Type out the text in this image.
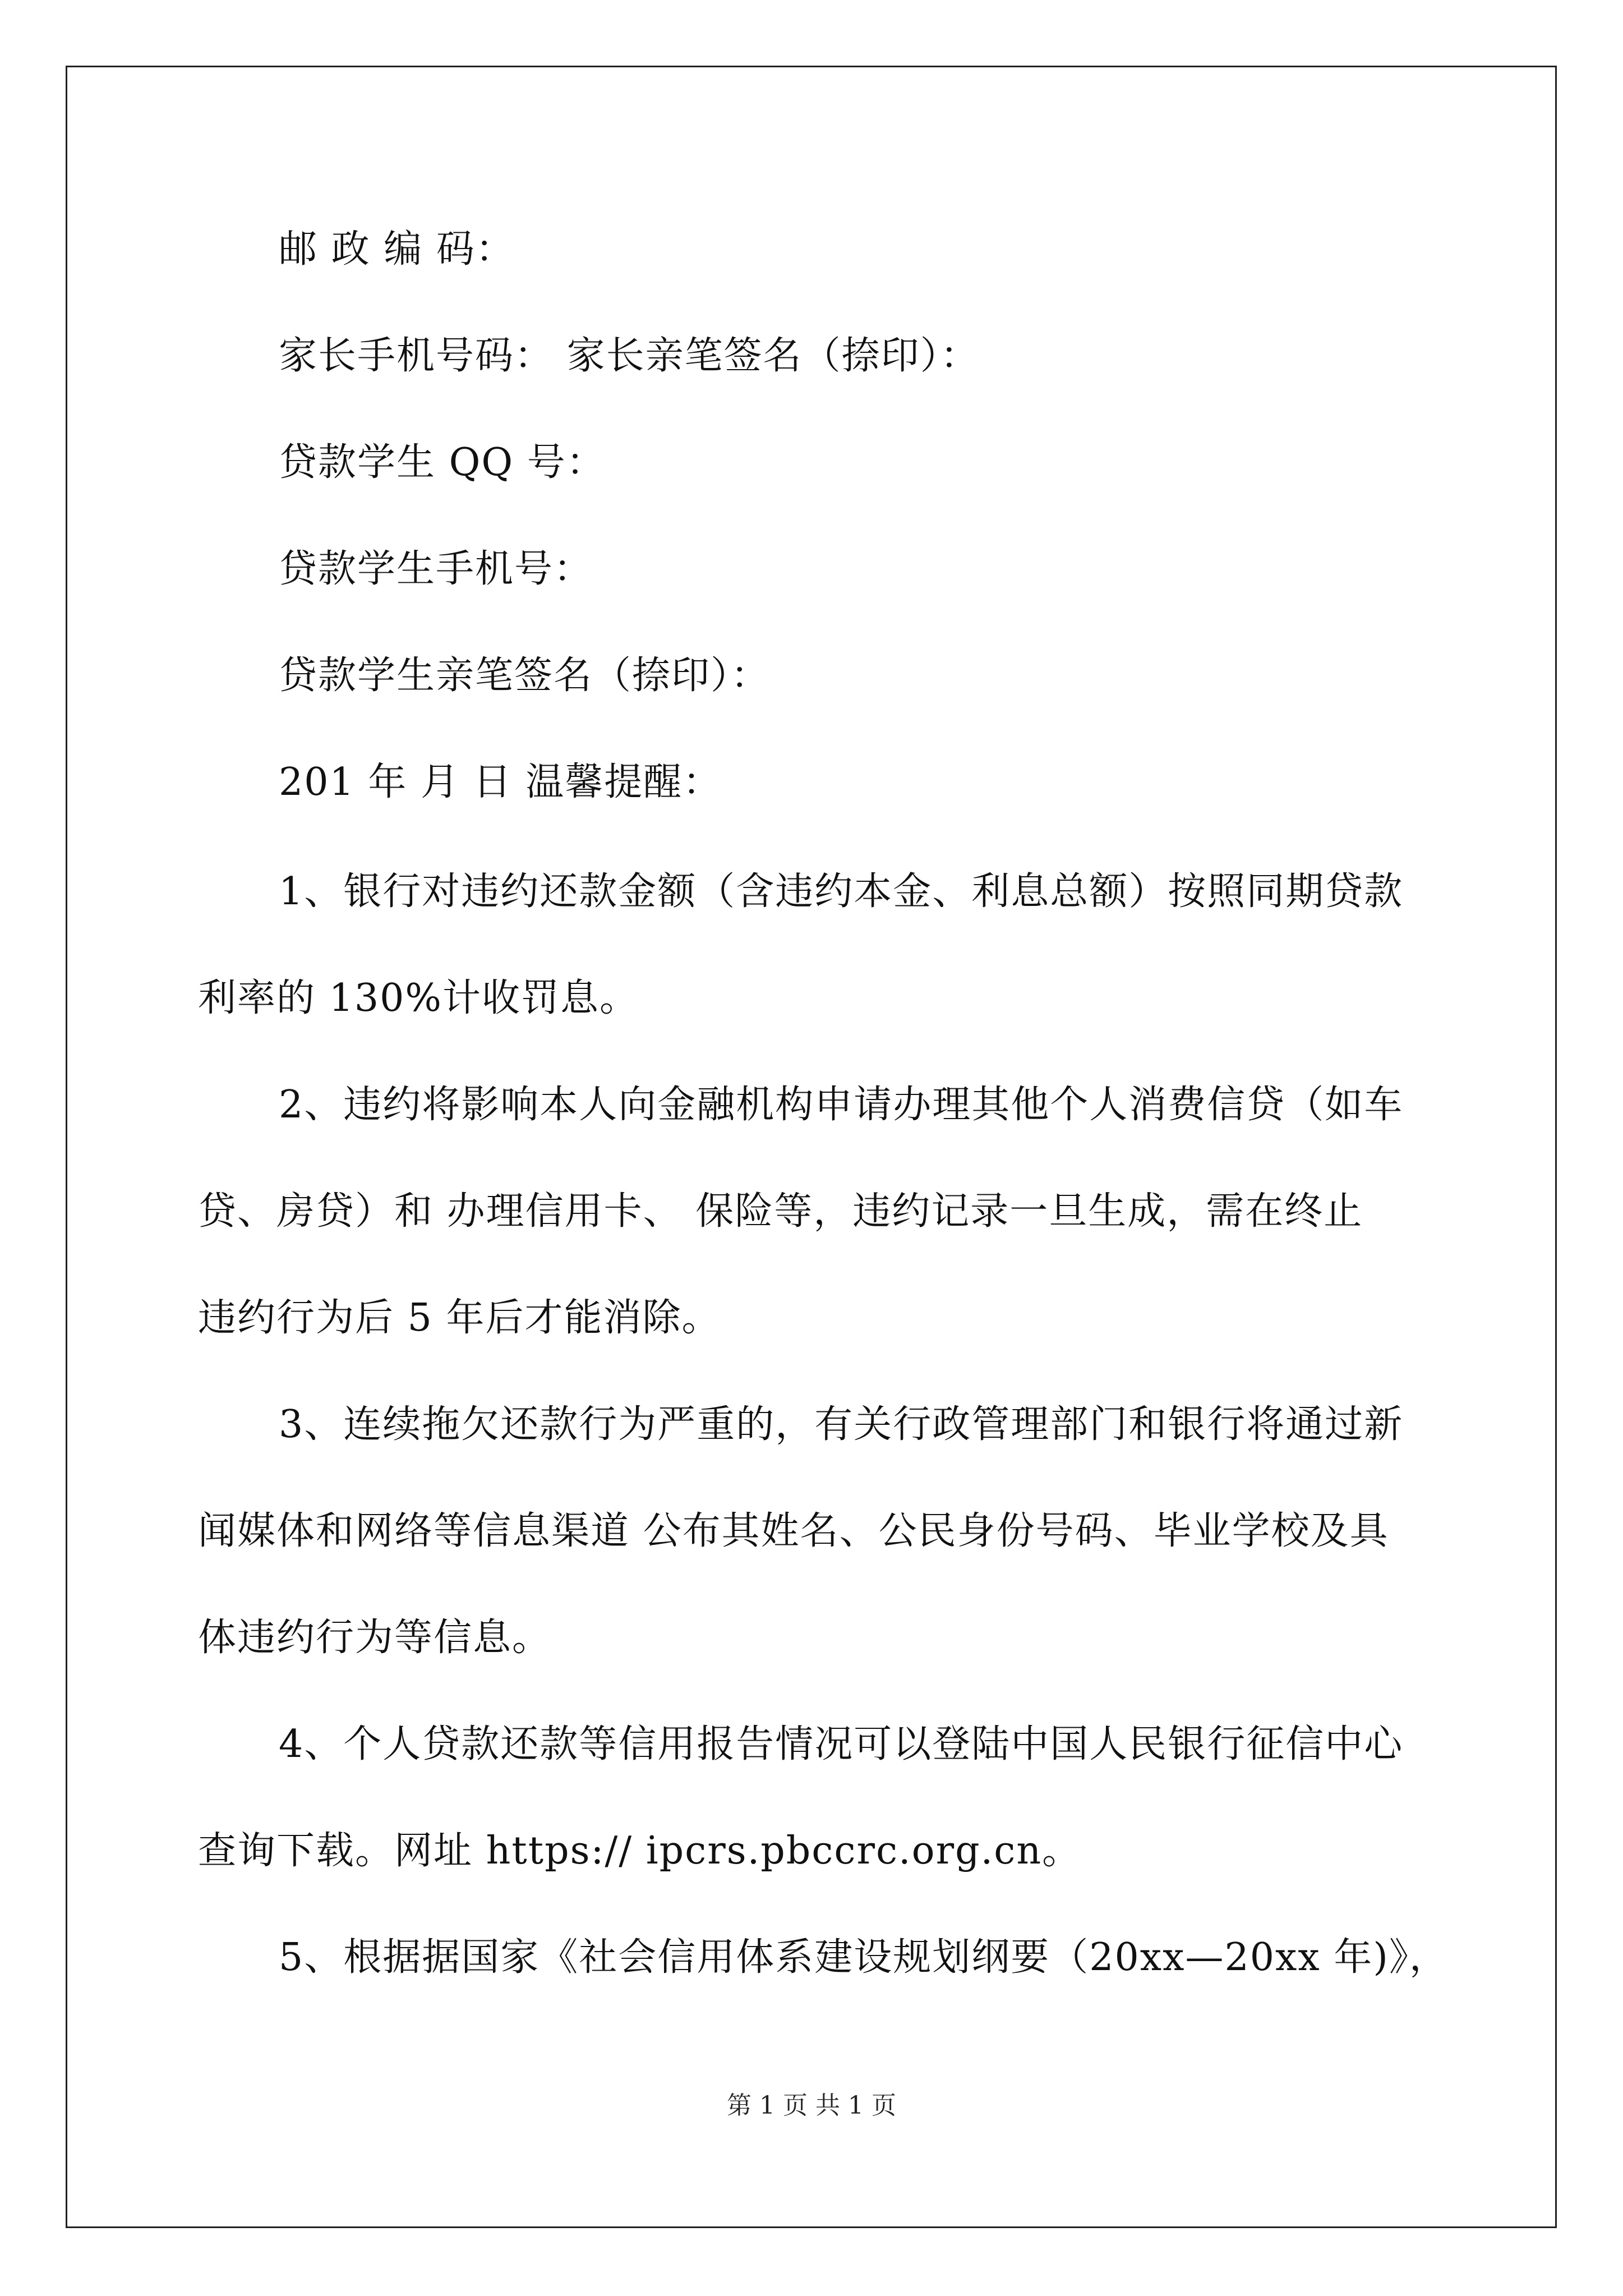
邮 政 编 码：
家长手机号码： 家长亲笔签名（捺印）：
贷款学生 QQ 号：
贷款学生手机号：
贷款学生亲笔签名（捺印）：
201 年 月 日 温馨提醒：
1、银行对违约还款金额（含违约本金、利息总额）按照同期贷款
利率的 130%计收罚息。
2、违约将影响本人向金融机构申请办理其他个人消费信贷（如车
贷、房贷）和 办理信用卡、 保险等，违约记录一旦生成，需在终止
违约行为后 5 年后才能消除。
3、连续拖欠还款行为严重的，有关行政管理部门和银行将通过新
闻媒体和网络等信息渠道 公布其姓名、公民身份号码、毕业学校及具
体违约行为等信息。
4、个人贷款还款等信用报告情况可以登陆中国人民银行征信中心
查询下载。网址 https:// ipcrs.pbccrc.org.cn。
5、根据据国家《社会信用体系建设规划纲要（20xx—20xx 年)》，
第 1 页 共 1 页
